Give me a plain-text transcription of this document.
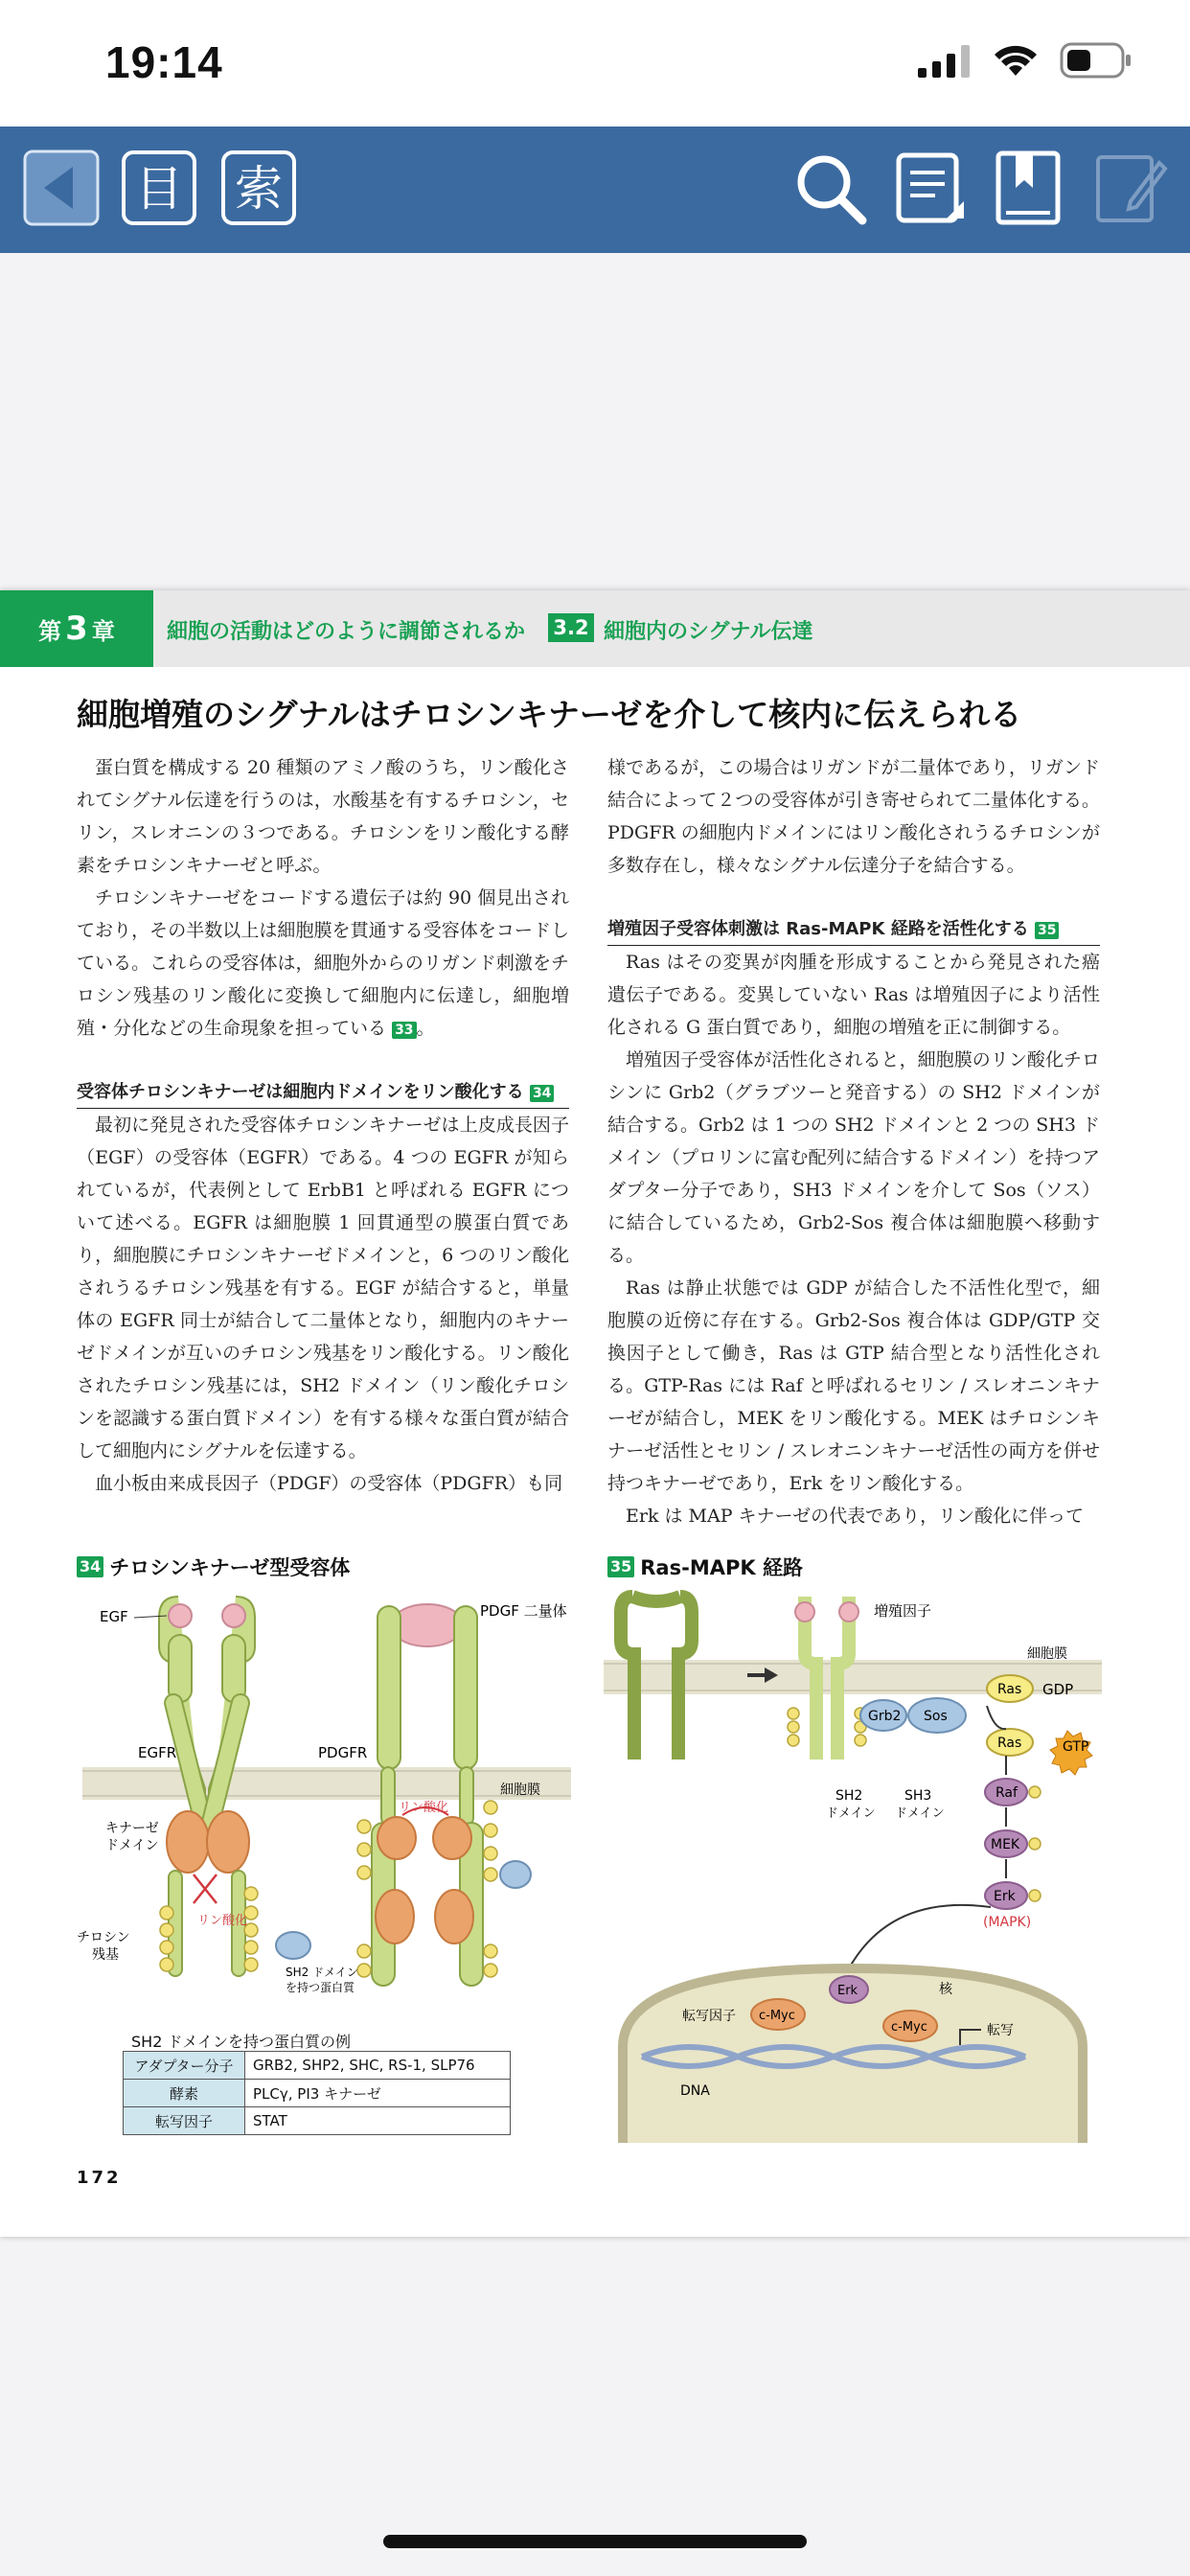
19:14
目 索
第 3 章 細胞の活動はどのように調節されるか 3.2 細胞内のシグナル伝達
細胞増殖のシグナルはチロシンキナーゼを介して核内に伝えられる

蛋白質を構成する 20 種類のアミノ酸のうち，リン酸化されてシグナル伝達を行うのは，水酸基を有するチロシン，セリン，スレオニンの３つである。チロシンをリン酸化する酵素をチロシンキナーゼと呼ぶ。

チロシンキナーゼをコードする遺伝子は約 90 個見出されており，その半数以上は細胞膜を貫通する受容体をコードしている。これらの受容体は，細胞外からのリガンド刺激をチロシン残基のリン酸化に変換して細胞内に伝達し，細胞増殖・分化などの生命現象を担っている 33 。

受容体チロシンキナーゼは細胞内ドメインをリン酸化する 34

最初に発見された受容体チロシンキナーゼは上皮成長因子（EGF）の受容体（EGFR）である。4 つの EGFR が知られているが，代表例として ErbB1 と呼ばれる EGFR について述べる。EGFR は細胞膜 1 回貫通型の膜蛋白質であり，細胞膜にチロシンキナーゼドメインと，6 つのリン酸化されうるチロシン残基を有する。EGF が結合すると，単量体の EGFR 同士が結合して二量体となり，細胞内のキナーゼドメインが互いのチロシン残基をリン酸化する。リン酸化されたチロシン残基には，SH2 ドメイン（リン酸化チロシンを認識する蛋白質ドメイン）を有する様々な蛋白質が結合して細胞内にシグナルを伝達する。

血小板由来成長因子（PDGF）の受容体（PDGFR）も同

様であるが，この場合はリガンドが二量体であり，リガンド結合によって２つの受容体が引き寄せられて二量体化する。PDGFR の細胞内ドメインにはリン酸化されうるチロシンが多数存在し，様々なシグナル伝達分子を結合する。

増殖因子受容体刺激は Ras-MAPK 経路を活性化する 35

Ras はその変異が肉腫を形成することから発見された癌遺伝子である。変異していない Ras は増殖因子により活性化される G 蛋白質であり，細胞の増殖を正に制御する。

増殖因子受容体が活性化されると，細胞膜のリン酸化チロシンに Grb2（グラブツーと発音する）の SH2 ドメインが結合する。Grb2 は 1 つの SH2 ドメインと 2 つの SH3 ドメイン（プロリンに富む配列に結合するドメイン）を持つアダプター分子であり，SH3 ドメインを介して Sos（ソス）に結合しているため，Grb2-Sos 複合体は細胞膜へ移動する。

Ras は静止状態では GDP が結合した不活性化型で，細胞膜の近傍に存在する。Grb2-Sos 複合体は GDP/GTP 交換因子として働き，Ras は GTP 結合型となり活性化される。GTP-Ras には Raf と呼ばれるセリン / スレオニンキナーゼが結合し，MEK をリン酸化する。MEK はチロシンキナーゼ活性とセリン / スレオニンキナーゼ活性の両方を併せ持つキナーゼであり，Erk をリン酸化する。

Erk は MAP キナーゼの代表であり，リン酸化に伴って

34 チロシンキナーゼ型受容体
EGF	PDGF 二量体
EGFR	PDGFR
細胞膜
キナーゼ
ドメイン
リン酸化
リン酸化
チロシン
残基
SH2 ドメイン
を持つ蛋白質
SH2 ドメインを持つ蛋白質の例
アダプター分子	GRB2, SHP2, SHC, RS-1, SLP76
酵素	PLCγ, PI3 キナーゼ
転写因子	STAT
35 Ras-MAPK 経路
増殖因子
細胞膜
Ras GDP
Ras	GTP
Grb2 Sos
Raf
MEK
Erk
(MAPK)
SH2
ドメイン
SH3
ドメイン
Erk	核
転写因子 c-Myc
c-Myc	転写
DNA
172
